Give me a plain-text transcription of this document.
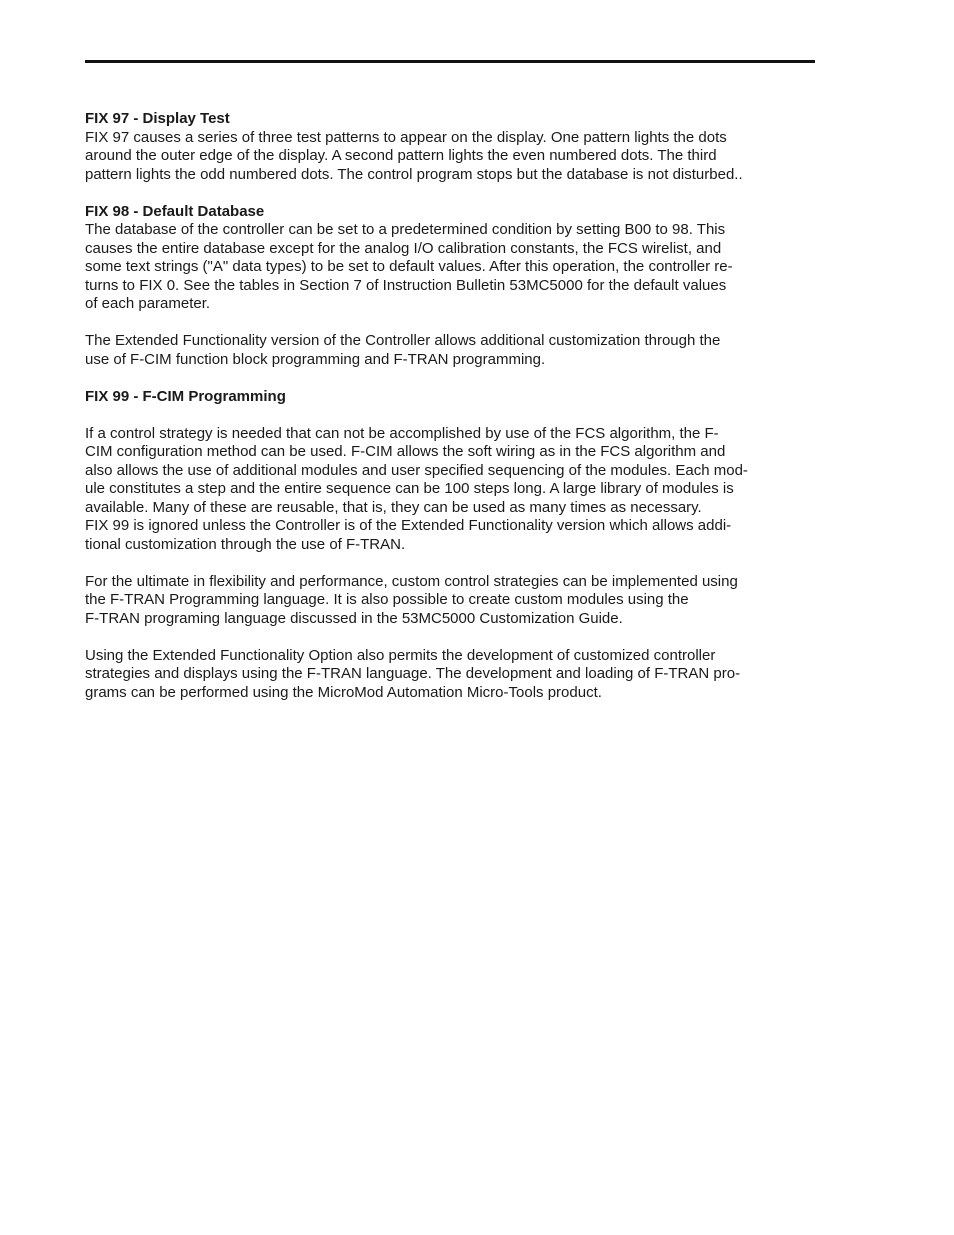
FIX 97 - Display Test
FIX 97 causes a series of three test patterns to appear on the display. One pattern lights the dots
around the outer edge of the display. A second pattern lights the even numbered dots. The third
pattern lights the odd numbered dots. The control program stops but the database is not disturbed..
FIX 98 - Default Database
The database of the controller can be set to a predetermined condition by setting B00 to 98. This
causes the entire database except for the analog I/O calibration constants, the FCS wirelist, and
some text strings ("A" data types) to be set to default values. After this operation, the controller re-
turns to FIX 0. See the tables in Section 7 of Instruction Bulletin 53MC5000 for the default values
of each parameter.
The Extended Functionality version of the Controller allows additional customization through the
use of F-CIM function block programming and F-TRAN programming.
FIX 99 - F-CIM Programming
If a control strategy is needed that can not be accomplished by use of the FCS algorithm, the F-
CIM configuration method can be used. F-CIM allows the soft wiring as in the FCS algorithm and
also allows the use of additional modules and user specified sequencing of the modules. Each mod-
ule constitutes a step and the entire sequence can be 100 steps long. A large library of modules is
available. Many of these are reusable, that is, they can be used as many times as necessary.
FIX 99 is ignored unless the Controller is of the Extended Functionality version which allows addi-
tional customization through the use of F-TRAN.
For the ultimate in flexibility and performance, custom control strategies can be implemented using
the F-TRAN Programming language. It is also possible to create custom modules using the
F-TRAN programing language discussed in the 53MC5000 Customization Guide.
Using the Extended Functionality Option also permits the development of customized controller
strategies and displays using the F-TRAN language. The development and loading of F-TRAN pro-
grams can be performed using the MicroMod Automation Micro-Tools product.
